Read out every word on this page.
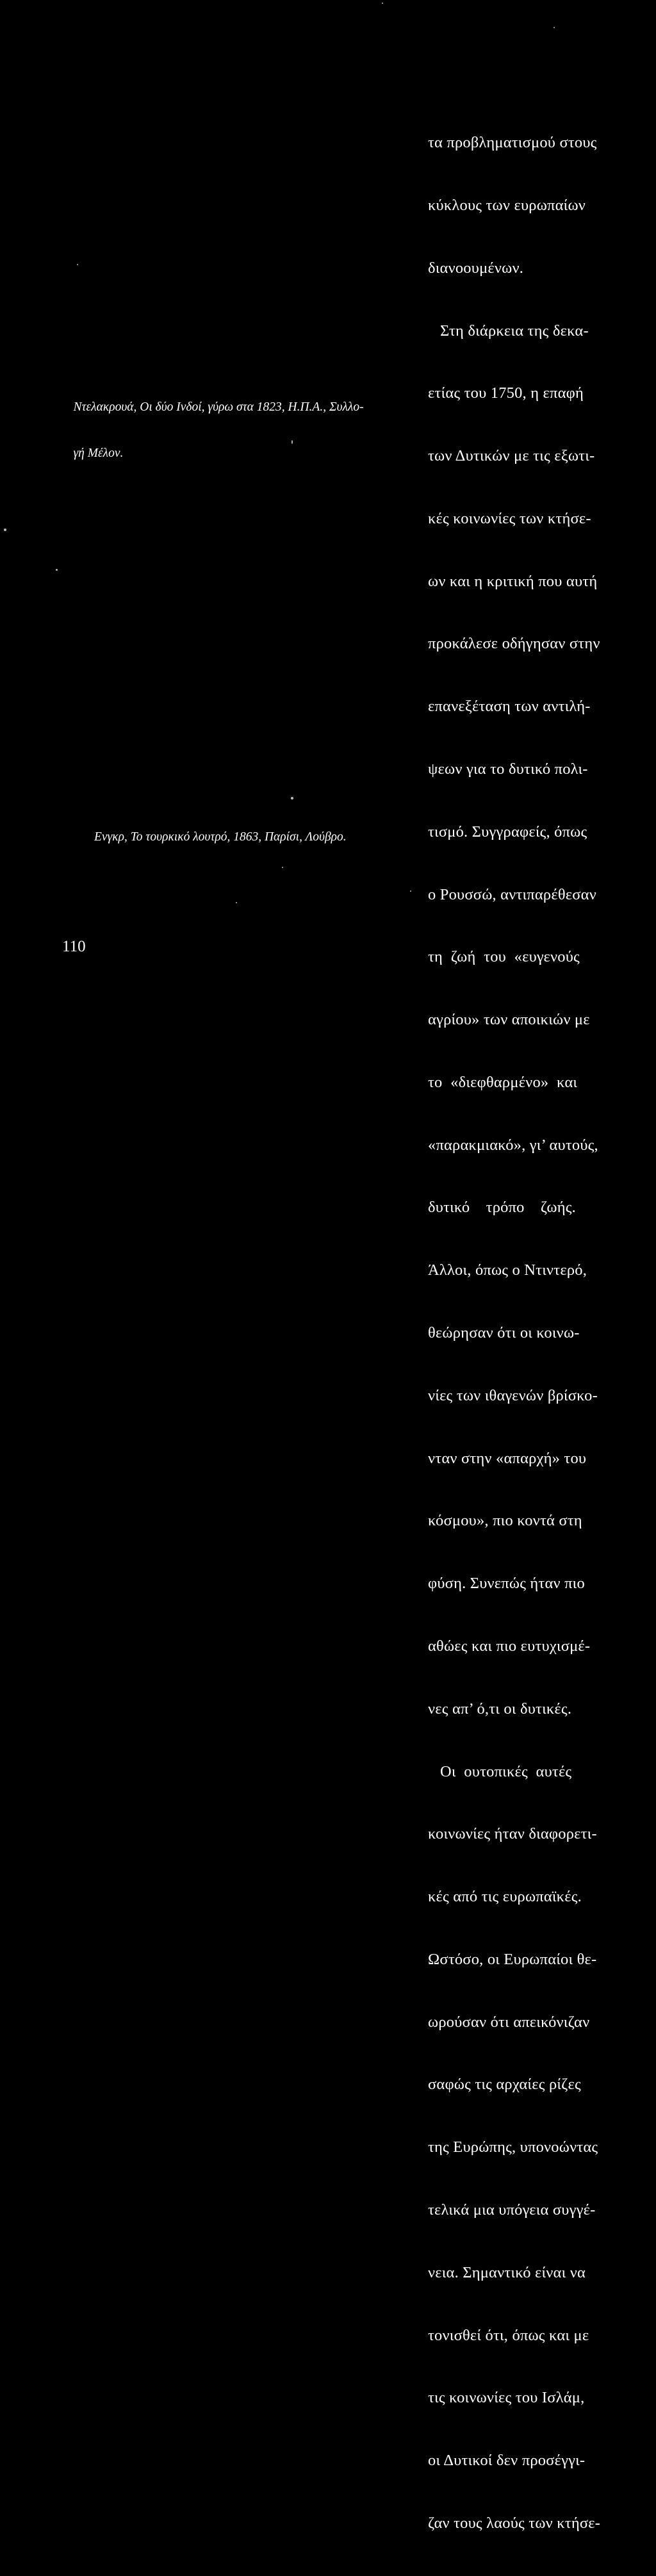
Ντελακρουά, Οι δύο Ινδοί, γύρω στα 1823, Η.Π.Α., Συλλο-

γή Μέλον.

Ενγκρ, Το τουρκικό λουτρό, 1863, Παρίσι, Λούβρο.

τα προβληματισμού στους

κύκλους των ευρωπαίων

διανοουμένων.

Στη διάρκεια της δεκα-

ετίας του 1750, η επαφή

των Δυτικών με τις εξωτι-

κές κοινωνίες των κτήσε-

ων και η κριτική που αυτή

προκάλεσε οδήγησαν στην

επανεξέταση των αντιλή-

ψεων για το δυτικό πολι-

τισμό. Συγγραφείς, όπως

ο Ρουσσώ, αντιπαρέθεσαν

τη  ζωή  του  «ευγενούς

αγρίου» των αποικιών με

το  «διεφθαρμένο»  και

«παρακμιακό», γι’ αυτούς,

δυτικό    τρόπο    ζωής.

Άλλοι, όπως ο Ντιντερό,

θεώρησαν ότι οι κοινω-

νίες των ιθαγενών βρίσκο-

νταν στην «απαρχή» του

κόσμου», πιο κοντά στη

φύση. Συνεπώς ήταν πιο

αθώες και πιο ευτυχισμέ-

νες απ’ ό,τι οι δυτικές.

Οι  ουτοπικές  αυτές

κοινωνίες ήταν διαφορετι-

κές από τις ευρωπαϊκές.

Ωστόσο, οι Ευρωπαίοι θε-

ωρούσαν ότι απεικόνιζαν

σαφώς τις αρχαίες ρίζες

της Ευρώπης, υπονοώντας

τελικά μια υπόγεια συγγέ-

νεια. Σημαντικό είναι να

τονισθεί ότι, όπως και με

τις κοινωνίες του Ισλάμ,

οι Δυτικοί δεν προσέγγι-

ζαν τους λαούς των κτήσε-

110
